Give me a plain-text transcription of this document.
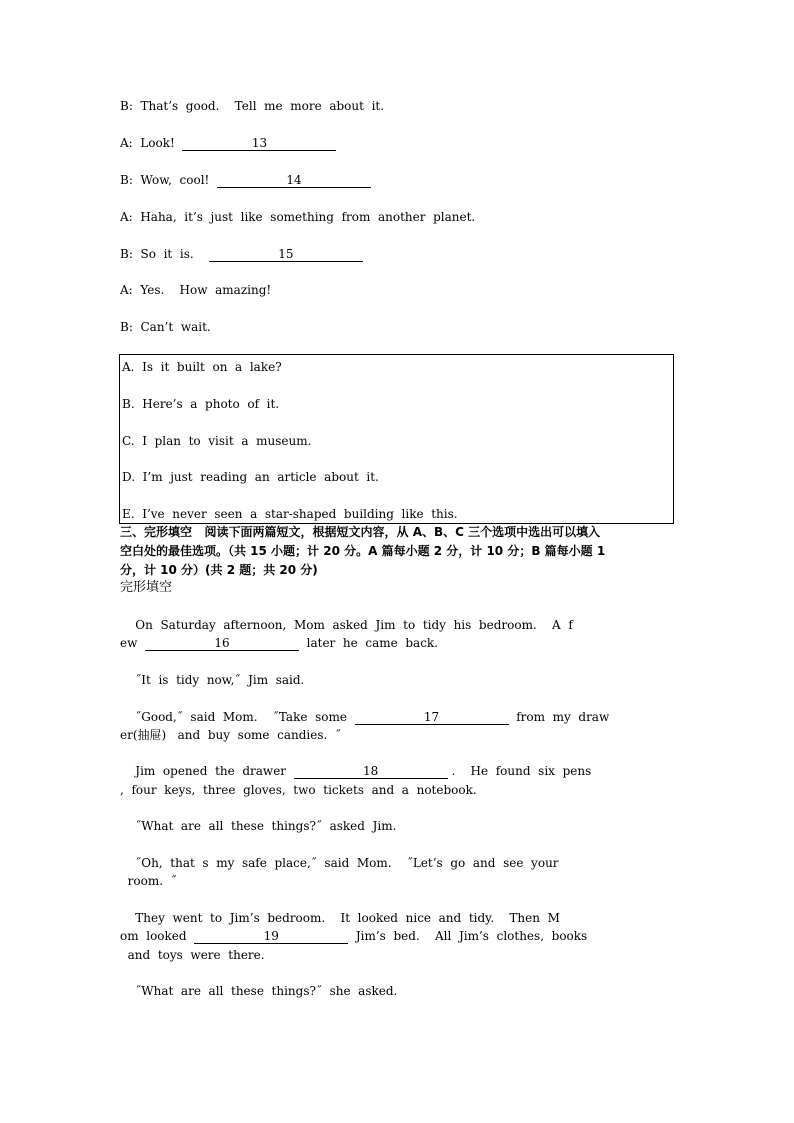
B:  That’s  good.    Tell  me  more  about  it.
A:  Look!	13
B:  Wow,  cool!	14
A:  Haha,  it’s  just  like  something  from  another  planet.
B:  So  it  is.	15
A:  Yes.    How  amazing!
B:  Can’t  wait.
A.  Is  it  built  on  a  lake?
B.  Here’s  a  photo  of  it.
C.  I  plan  to  visit  a  museum.
D.  I’m  just  reading  an  article  about  it.
E.  I’ve  never  seen  a  star-shaped  building  like  this.
三、完形填空   阅读下面两篇短文，根据短文内容，从 A、B、C 三个选项中选出可以填入
空白处的最佳选项。（共 15 小题；计 20 分。A 篇每小题 2 分，计 10 分；B 篇每小题 1
分，计 10 分）(共 2 题；共 20 分)
完形填空
On  Saturday  afternoon,  Mom  asked  Jim  to  tidy  his  bedroom.    A  f
ew	16	later  he  came  back.
˝It  is  tidy  now,˝  Jim  said.
˝Good,˝  said  Mom.    ˝Take  some	17	from  my  draw
er(抽屉)   and  buy  some  candies.  ˝
Jim  opened  the  drawer	18	.    He  found  six  pens
,  four  keys,  three  gloves,  two  tickets  and  a  notebook.
˝What  are  all  these  things?˝  asked  Jim.
˝Oh,  that  s  my  safe  place,˝  said  Mom.    ˝Let’s  go  and  see  your
room.  ˝
They  went  to  Jim’s  bedroom.    It  looked  nice  and  tidy.    Then  M
om  looked	19	Jim’s  bed.    All  Jim’s  clothes,  books
and  toys  were  there.
˝What  are  all  these  things?˝  she  asked.
